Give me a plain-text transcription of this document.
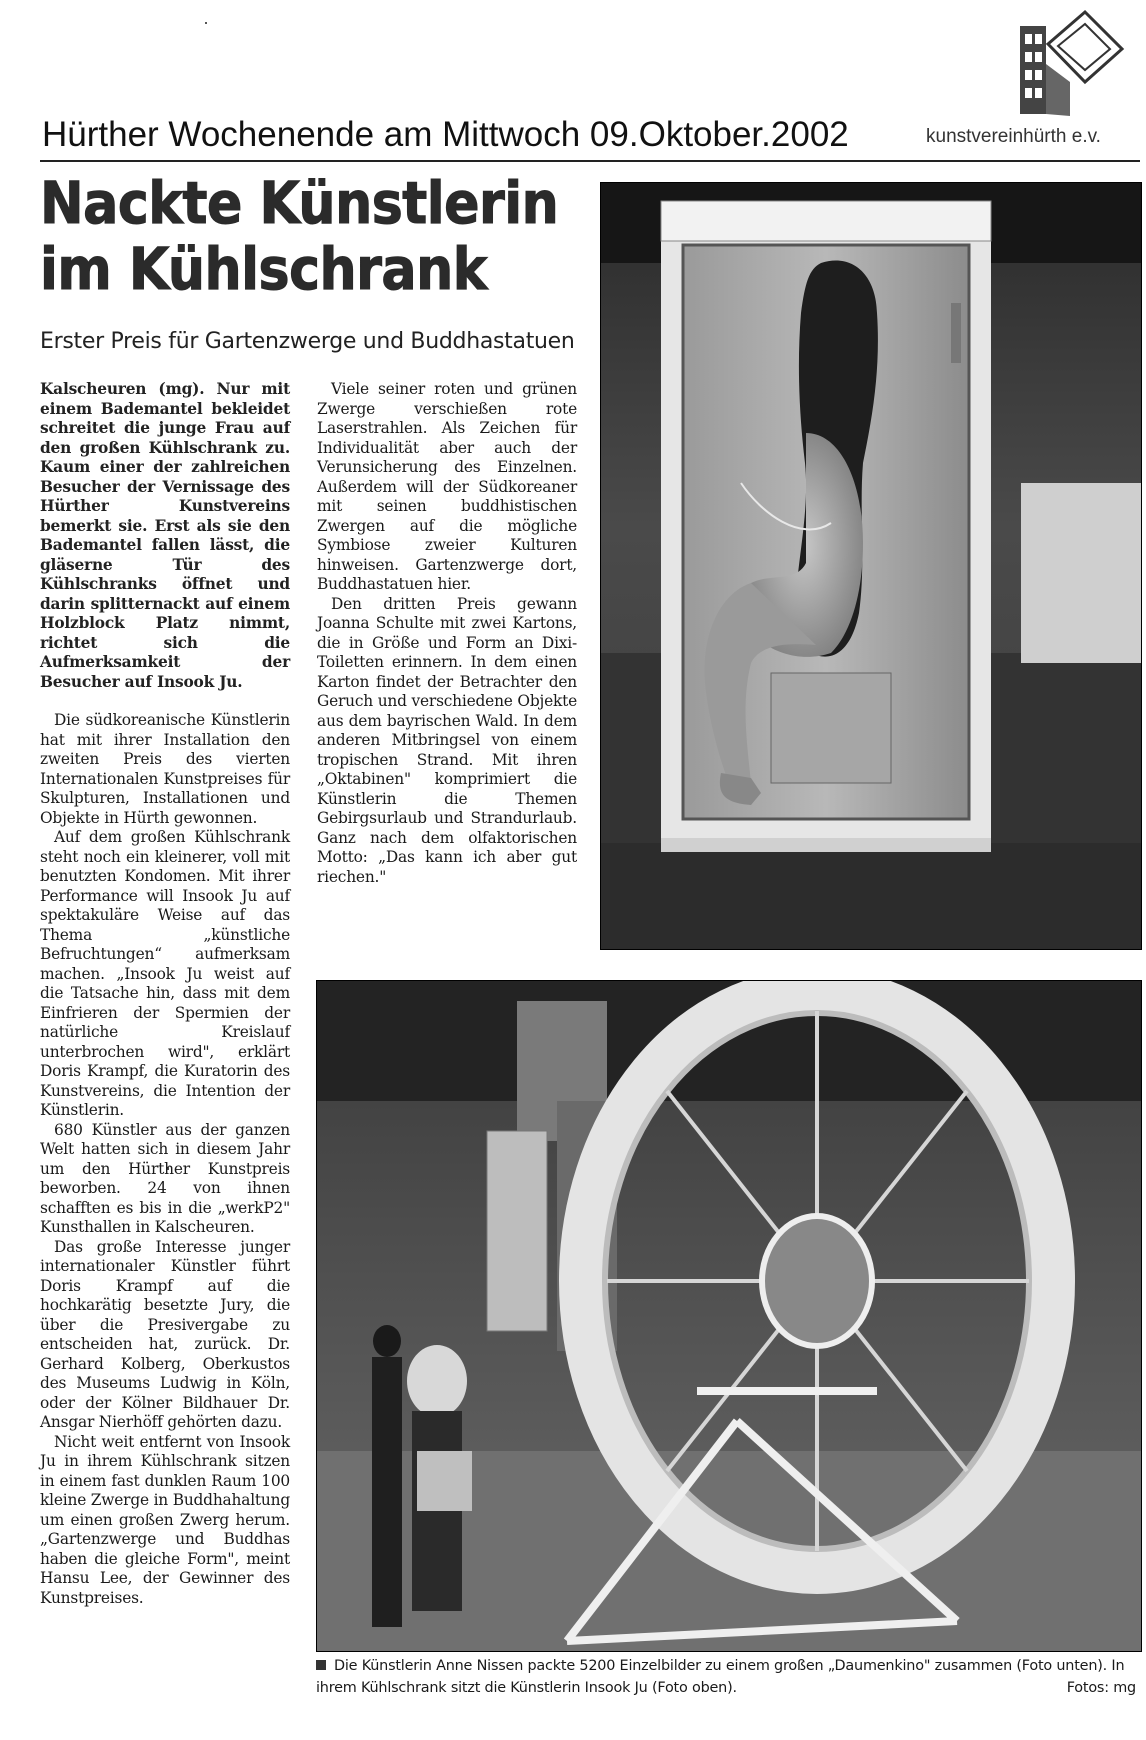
Hürther Wochenende am Mittwoch 09.Oktober.2002	kunstvereinhürth e.v.
Nackte Künstlerin
im Kühlschrank
Erster Preis für Gartenzwerge und Buddhastatuen

Kalscheuren (mg). Nur mit einem Bademantel bekleidet schreitet die junge Frau auf den großen Kühlschrank zu. Kaum einer der zahlreichen Besucher der Vernissage des Hürther Kunstvereins bemerkt sie. Erst als sie den Bademantel fallen lässt, die gläserne Tür des Kühlschranks öffnet und darin splitternackt auf einem Holzblock Platz nimmt, richtet sich die Aufmerksamkeit der Besucher auf Insook Ju.

Die südkoreanische Künstlerin hat mit ihrer Installation den zweiten Preis des vierten Internationalen Kunstpreises für Skulpturen, Installationen und Objekte in Hürth gewonnen.

Auf dem großen Kühlschrank steht noch ein kleinerer, voll mit benutzten Kondomen. Mit ihrer Performance will Insook Ju auf spektakuläre Weise auf das Thema „künstliche Befruchtungen“ aufmerksam machen. „Insook Ju weist auf die Tatsache hin, dass mit dem Einfrieren der Spermien der natürliche Kreislauf unterbrochen wird", erklärt Doris Krampf, die Kuratorin des Kunstvereins, die Intention der Künstlerin.

680 Künstler aus der ganzen Welt hatten sich in diesem Jahr um den Hürther Kunstpreis beworben. 24 von ihnen schafften es bis in die „werkP2" Kunsthallen in Kalscheuren.

Das große Interesse junger internationaler Künstler führt Doris Krampf auf die hochkarätig besetzte Jury, die über die Presivergabe zu entscheiden hat, zurück. Dr. Gerhard Kolberg, Oberkustos des Museums Ludwig in Köln, oder der Kölner Bildhauer Dr. Ansgar Nierhöff gehörten dazu.

Nicht weit entfernt von Insook Ju in ihrem Kühlschrank sitzen in einem fast dunklen Raum 100 kleine Zwerge in Buddhahaltung um einen großen Zwerg herum. „Gartenzwerge und Buddhas haben die gleiche Form", meint Hansu Lee, der Gewinner des Kunstpreises.

Viele seiner roten und grünen Zwerge verschießen rote Laserstrahlen. Als Zeichen für Individualität aber auch der Verunsicherung des Einzelnen. Außerdem will der Südkoreaner mit seinen buddhistischen Zwergen auf die mögliche Symbiose zweier Kulturen hinweisen. Gartenzwerge dort, Buddhastatuen hier.

Den dritten Preis gewann Joanna Schulte mit zwei Kartons, die in Größe und Form an Dixi-Toiletten erinnern. In dem einen Karton findet der Betrachter den Geruch und verschiedene Objekte aus dem bayrischen Wald. In dem anderen Mitbringsel von einem tropischen Strand. Mit ihren „Oktabinen" komprimiert die Künstlerin die Themen Gebirgsurlaub und Strandurlaub. Ganz nach dem olfaktorischen Motto: „Das kann ich aber gut riechen."

Die Künstlerin Anne Nissen packte 5200 Einzelbilder zu einem großen „Daumenkino" zusammen (Foto unten). In ihrem Kühlschrank sitzt die Künstlerin Insook Ju (Foto oben).	Fotos: mg
